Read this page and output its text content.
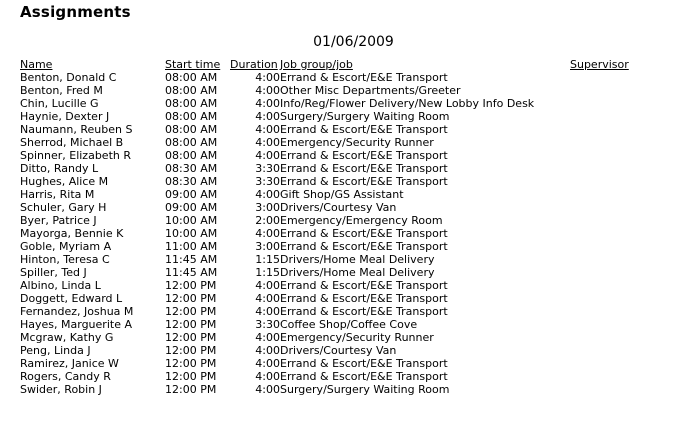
Assignments
01/06/2009
Name	Start time	Duration	Job group/job	Supervisor
Benton, Donald C	08:00 AM	4:00	Errand & Escort/E&E Transport	
Benton, Fred M	08:00 AM	4:00	Other Misc Departments/Greeter	
Chin, Lucille G	08:00 AM	4:00	Info/Reg/Flower Delivery/New Lobby Info Desk	
Haynie, Dexter J	08:00 AM	4:00	Surgery/Surgery Waiting Room	
Naumann, Reuben S	08:00 AM	4:00	Errand & Escort/E&E Transport	
Sherrod, Michael B	08:00 AM	4:00	Emergency/Security Runner	
Spinner, Elizabeth R	08:00 AM	4:00	Errand & Escort/E&E Transport	
Ditto, Randy L	08:30 AM	3:30	Errand & Escort/E&E Transport	
Hughes, Alice M	08:30 AM	3:30	Errand & Escort/E&E Transport	
Harris, Rita M	09:00 AM	4:00	Gift Shop/GS Assistant	
Schuler, Gary H	09:00 AM	3:00	Drivers/Courtesy Van	
Byer, Patrice J	10:00 AM	2:00	Emergency/Emergency Room	
Mayorga, Bennie K	10:00 AM	4:00	Errand & Escort/E&E Transport	
Goble, Myriam A	11:00 AM	3:00	Errand & Escort/E&E Transport	
Hinton, Teresa C	11:45 AM	1:15	Drivers/Home Meal Delivery	
Spiller, Ted J	11:45 AM	1:15	Drivers/Home Meal Delivery	
Albino, Linda L	12:00 PM	4:00	Errand & Escort/E&E Transport	
Doggett, Edward L	12:00 PM	4:00	Errand & Escort/E&E Transport	
Fernandez, Joshua M	12:00 PM	4:00	Errand & Escort/E&E Transport	
Hayes, Marguerite A	12:00 PM	3:30	Coffee Shop/Coffee Cove	
Mcgraw, Kathy G	12:00 PM	4:00	Emergency/Security Runner	
Peng, Linda J	12:00 PM	4:00	Drivers/Courtesy Van	
Ramirez, Janice W	12:00 PM	4:00	Errand & Escort/E&E Transport	
Rogers, Candy R	12:00 PM	4:00	Errand & Escort/E&E Transport	
Swider, Robin J	12:00 PM	4:00	Surgery/Surgery Waiting Room	
